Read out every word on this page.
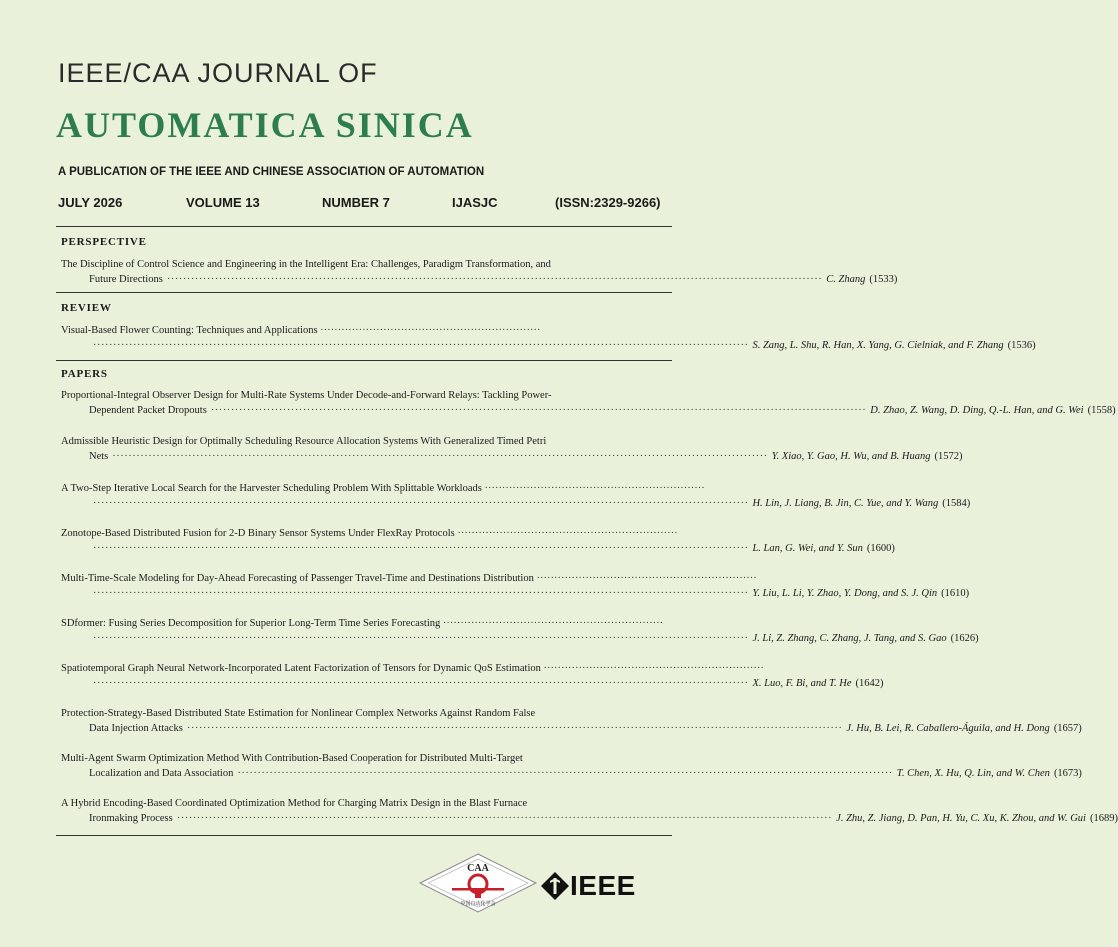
IEEE/CAA JOURNAL OF
AUTOMATICA SINICA
A PUBLICATION OF THE IEEE AND CHINESE ASSOCIATION OF AUTOMATION
JULY 2026	VOLUME 13	NUMBER 7	IJASJC	(ISSN:2329-9266)
PERSPECTIVE
The Discipline of Control Science and Engineering in the Intelligent Era: Challenges, Paradigm Transformation, and
Future Directions ·····	C. Zhang (1533)
REVIEW
Visual-Based Flower Counting: Techniques and Applications ·······························································
·····
S. Zang, L. Shu, R. Han, X. Yang, G. Cielniak, and F. Zhang (1536)
PAPERS
Proportional-Integral Observer Design for Multi-Rate Systems Under Decode-and-Forward Relays: Tackling Power-
Dependent Packet Dropouts ·····	D. Zhao, Z. Wang, D. Ding, Q.-L. Han, and G. Wei (1558)
Admissible Heuristic Design for Optimally Scheduling Resource Allocation Systems With Generalized Timed Petri
Nets ·····	Y. Xiao, Y. Gao, H. Wu, and B. Huang (1572)
A Two-Step Iterative Local Search for the Harvester Scheduling Problem With Splittable Workloads ·······························································
·····
H. Lin, J. Liang, B. Jin, C. Yue, and Y. Wang (1584)
Zonotope-Based Distributed Fusion for 2-D Binary Sensor Systems Under FlexRay Protocols ·······························································
·····
L. Lan, G. Wei, and Y. Sun (1600)
Multi-Time-Scale Modeling for Day-Ahead Forecasting of Passenger Travel-Time and Destinations Distribution ·······························································
·····
Y. Liu, L. Li, Y. Zhao, Y. Dong, and S. J. Qin (1610)
SDformer: Fusing Series Decomposition for Superior Long-Term Time Series Forecasting ·······························································
·····
J. Li, Z. Zhang, C. Zhang, J. Tang, and S. Gao (1626)
Spatiotemporal Graph Neural Network-Incorporated Latent Factorization of Tensors for Dynamic QoS Estimation ·······························································
·····
X. Luo, F. Bi, and T. He (1642)
Protection-Strategy-Based Distributed State Estimation for Nonlinear Complex Networks Against Random False
Data Injection Attacks ·····	J. Hu, B. Lei, R. Caballero-Águila, and H. Dong (1657)
Multi-Agent Swarm Optimization Method With Contribution-Based Cooperation for Distributed Multi-Target
Localization and Data Association ·····	T. Chen, X. Hu, Q. Lin, and W. Chen (1673)
A Hybrid Encoding-Based Coordinated Optimization Method for Charging Matrix Design in the Blast Furnace
Ironmaking Process ·····	J. Zhu, Z. Jiang, D. Pan, H. Yu, C. Xu, K. Zhou, and W. Gui (1689)
CAA
中国自动化学会
IEEE
